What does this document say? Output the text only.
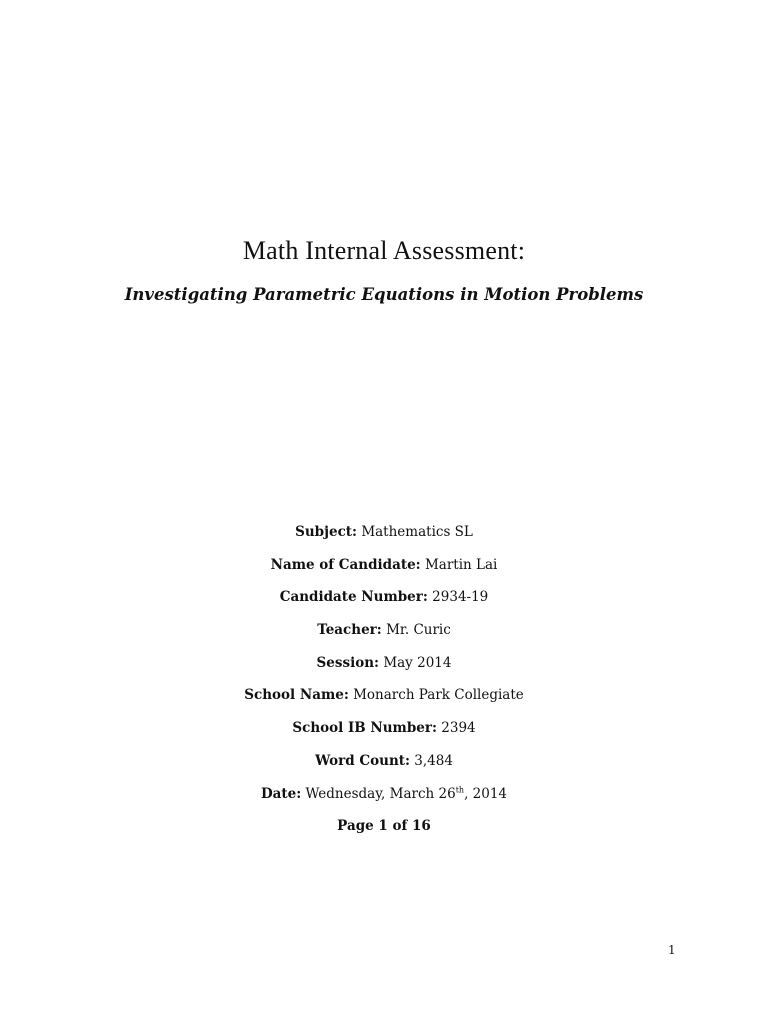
Math Internal Assessment:
Investigating Parametric Equations in Motion Problems
Subject: Mathematics SL
Name of Candidate: Martin Lai
Candidate Number: 2934-19
Teacher: Mr. Curic
Session: May 2014
School Name: Monarch Park Collegiate
School IB Number: 2394
Word Count: 3,484
Date: Wednesday, March 26th, 2014
Page 1 of 16
1
